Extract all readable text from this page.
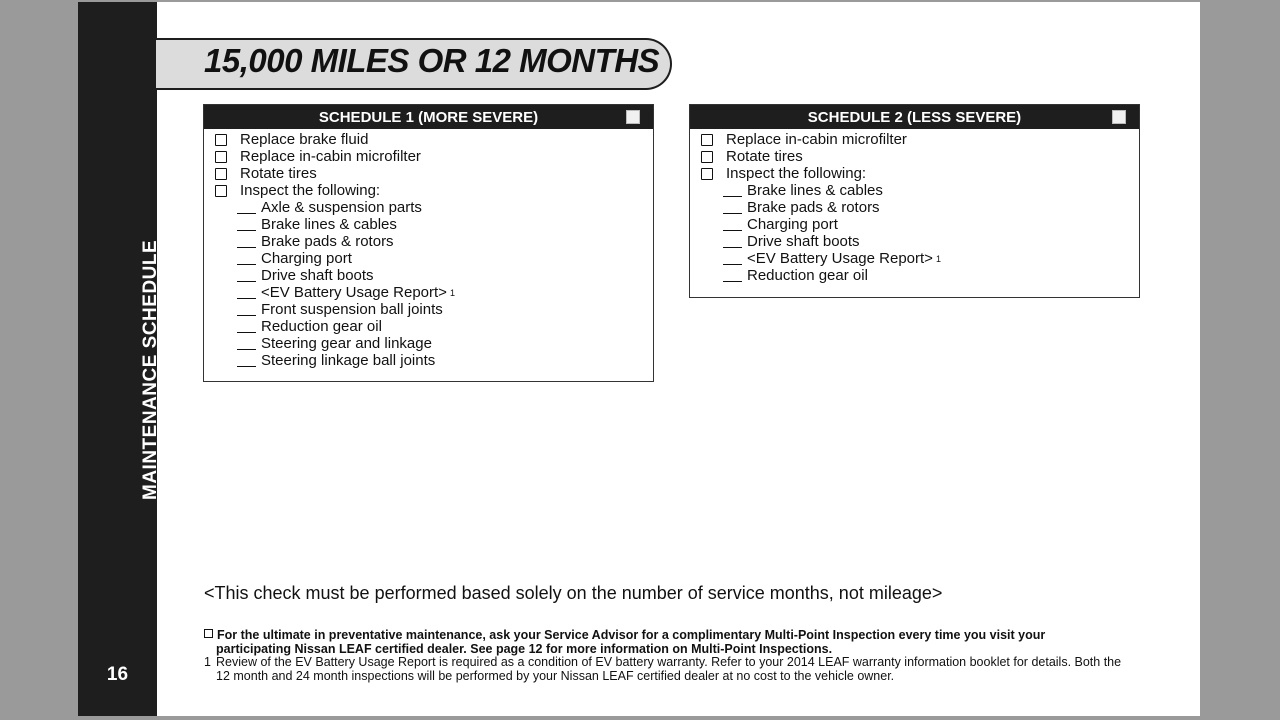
MAINTENANCE SCHEDULE
16
15,000 MILES OR 12 MONTHS
SCHEDULE 1 (MORE SEVERE)
Replace brake fluid
Replace in-cabin microfilter
Rotate tires
Inspect the following:
Axle & suspension parts
Brake lines & cables
Brake pads & rotors
Charging port
Drive shaft boots
<EV Battery Usage Report> 1
Front suspension ball joints
Reduction gear oil
Steering gear and linkage
Steering linkage ball joints
SCHEDULE 2 (LESS SEVERE)
Replace in-cabin microfilter
Rotate tires
Inspect the following:
Brake lines & cables
Brake pads & rotors
Charging port
Drive shaft boots
<EV Battery Usage Report> 1
Reduction gear oil
<This check must be performed based solely on the number of service months, not mileage>
For the ultimate in preventative maintenance, ask your Service Advisor for a complimentary Multi-Point Inspection every time you visit your
participating Nissan LEAF certified dealer. See page 12 for more information on Multi-Point Inspections.
1 Review of the EV Battery Usage Report is required as a condition of EV battery warranty. Refer to your 2014 LEAF warranty information booklet for details. Both the
12 month and 24 month inspections will be performed by your Nissan LEAF certified dealer at no cost to the vehicle owner.
